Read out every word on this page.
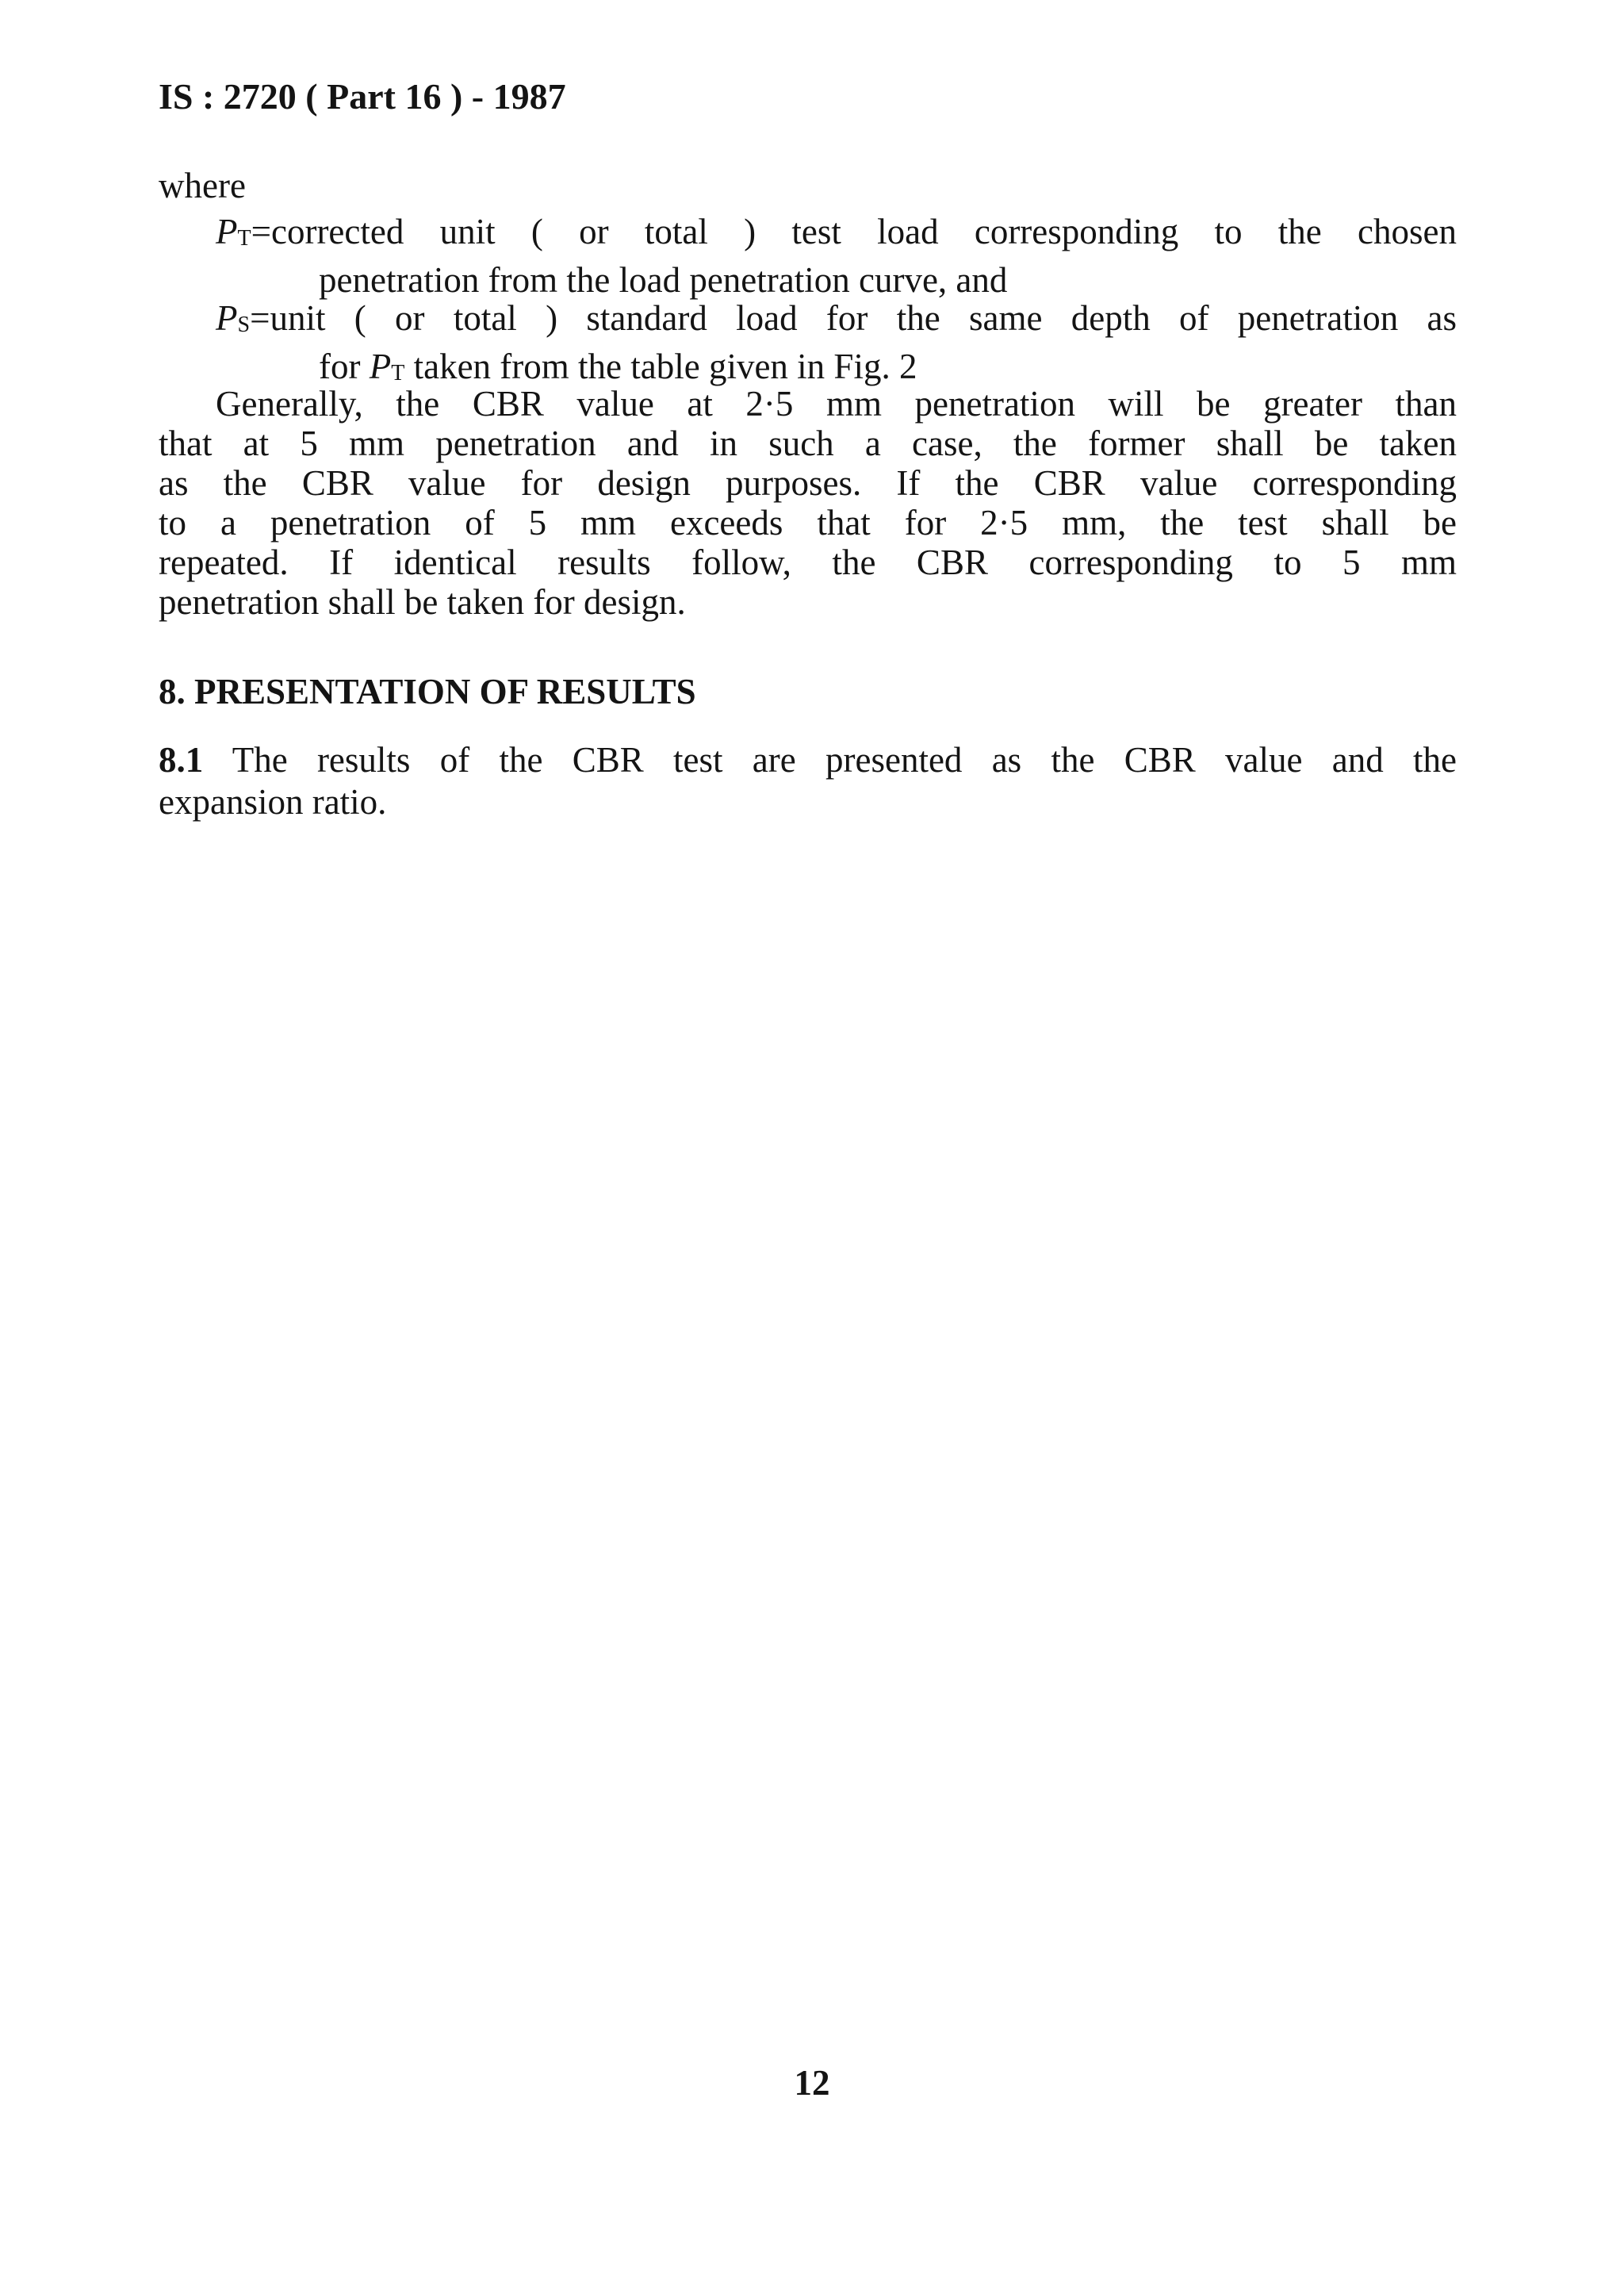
IS : 2720 ( Part 16 ) - 1987
where
PT=corrected unit ( or total ) test load corresponding to the chosen
penetration from the load penetration curve, and
PS=unit ( or total ) standard load for the same depth of penetration as
for PT taken from the table given in Fig. 2
Generally, the CBR value at 2·5 mm penetration will be greater than
that at 5 mm penetration and in such a case, the former shall be taken
as the CBR value for design purposes. If the CBR value corresponding
to a penetration of 5 mm exceeds that for 2·5 mm, the test shall be
repeated. If identical results follow, the CBR corresponding to 5 mm
penetration shall be taken for design.
8. PRESENTATION OF RESULTS
8.1 The results of the CBR test are presented as the CBR value and the
expansion ratio.
12
